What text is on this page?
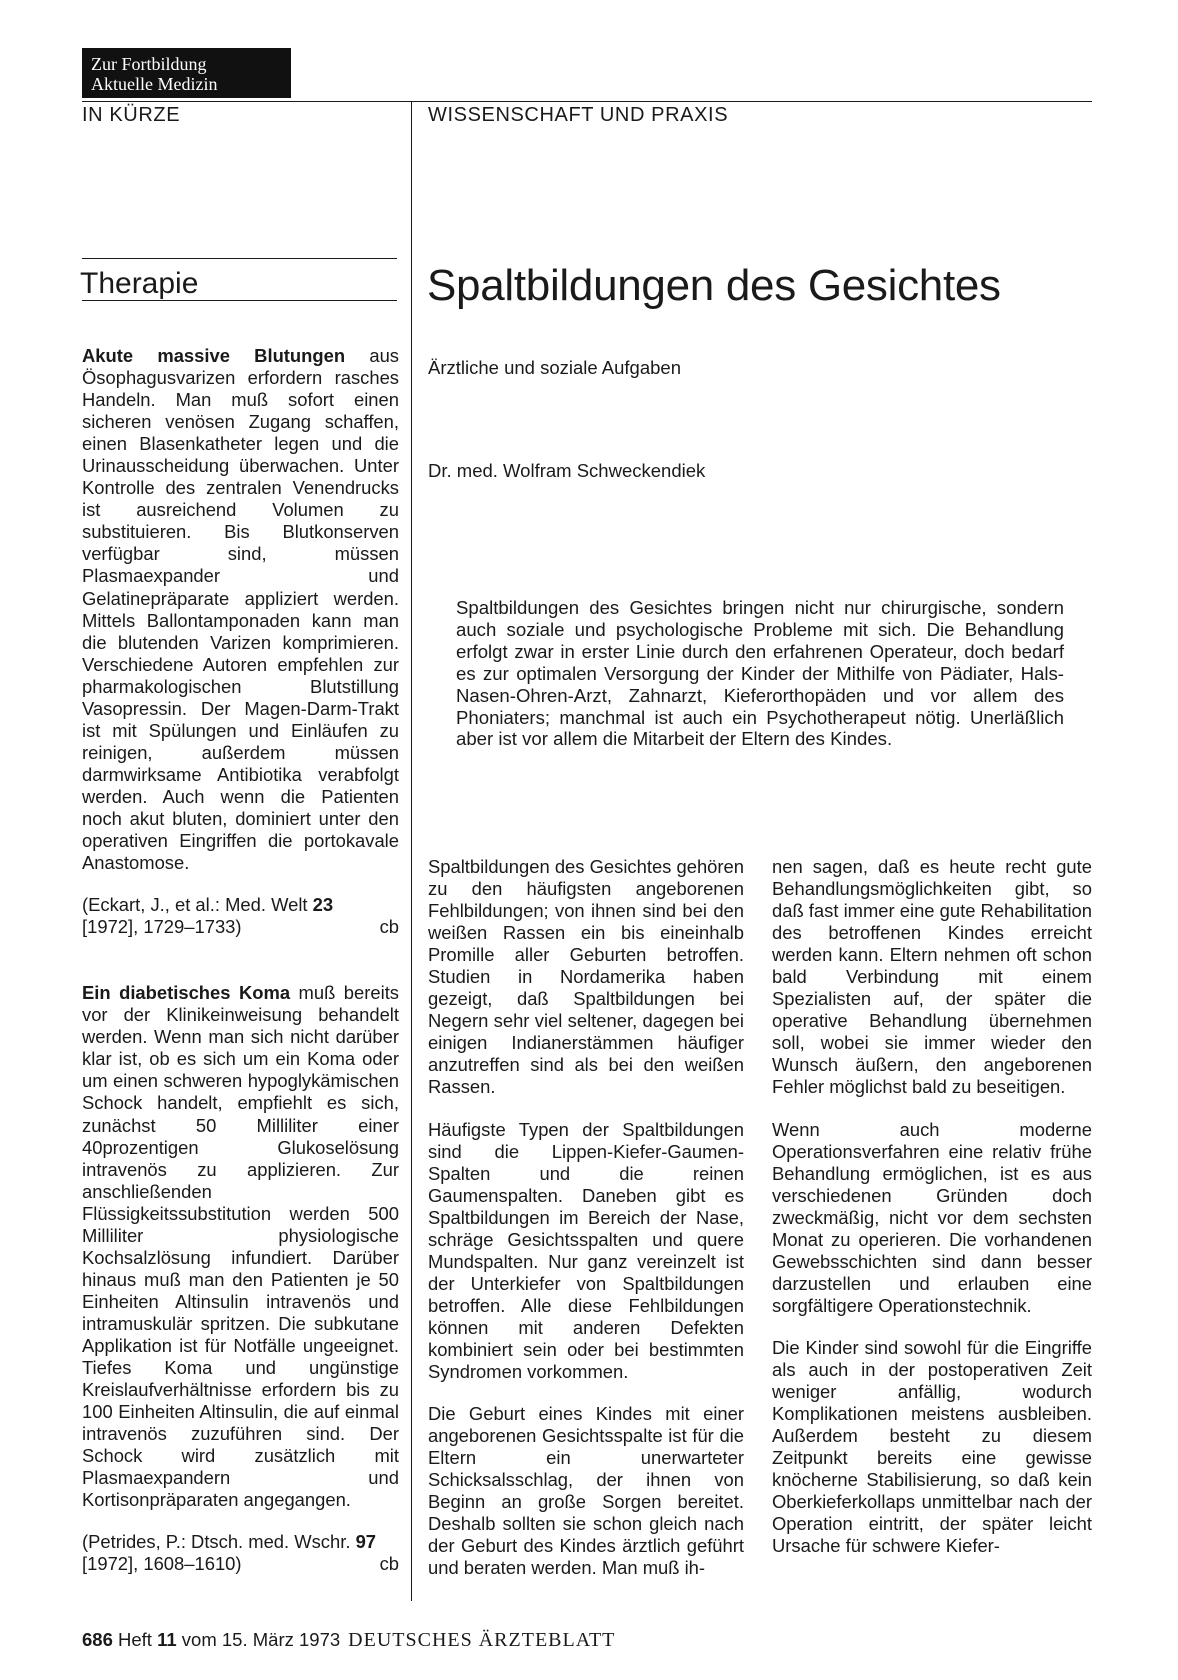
Zur Fortbildung
Aktuelle Medizin
IN KÜRZE	WISSENSCHAFT UND PRAXIS
Therapie	Spaltbildungen des Gesichtes
Ärztliche und soziale Aufgaben
Dr. med. Wolfram Schweckendiek
Spaltbildungen des Gesichtes bringen nicht nur chirurgische, sondern auch soziale und psychologische Probleme mit sich. Die Behandlung erfolgt zwar in erster Linie durch den erfahrenen Operateur, doch bedarf es zur optimalen Versorgung der Kinder der Mithilfe von Pädiater, Hals-Nasen-Ohren-Arzt, Zahnarzt, Kieferorthopäden und vor allem des Phoniaters; manchmal ist auch ein Psychotherapeut nötig. Unerläßlich aber ist vor allem die Mitarbeit der Eltern des Kindes.

Akute massive Blutungen aus Ösophagusvarizen erfordern rasches Handeln. Man muß sofort einen sicheren venösen Zugang schaffen, einen Blasenkatheter legen und die Urinausscheidung überwachen. Unter Kontrolle des zentralen Venendrucks ist ausreichend Volumen zu substituieren. Bis Blutkonserven verfügbar sind, müssen Plasmaexpander und Gelatinepräparate appliziert werden. Mittels Ballontamponaden kann man die blutenden Varizen komprimieren. Verschiedene Autoren empfehlen zur pharmakologischen Blutstillung Vasopressin. Der Magen-Darm-Trakt ist mit Spülungen und Einläufen zu reinigen, außerdem müssen darmwirksame Antibiotika verabfolgt werden. Auch wenn die Patienten noch akut bluten, dominiert unter den operativen Eingriffen die portokavale Anastomose.

(Eckart, J., et al.: Med. Welt 23
[1972], 1729–1733)	cb

Ein diabetisches Koma muß bereits vor der Klinikeinweisung behandelt werden. Wenn man sich nicht darüber klar ist, ob es sich um ein Koma oder um einen schweren hypoglykämischen Schock handelt, empfiehlt es sich, zunächst 50 Milliliter einer 40prozentigen Glukoselösung intravenös zu applizieren. Zur anschließenden Flüssigkeitssubstitution werden 500 Milliliter physiologische Kochsalzlösung infundiert. Darüber hinaus muß man den Patienten je 50 Einheiten Altinsulin intravenös und intramuskulär spritzen. Die subkutane Applikation ist für Notfälle ungeeignet. Tiefes Koma und ungünstige Kreislaufverhältnisse erfordern bis zu 100 Einheiten Altinsulin, die auf einmal intravenös zuzuführen sind. Der Schock wird zusätzlich mit Plasmaexpandern und Kortisonpräparaten angegangen.

(Petrides, P.: Dtsch. med. Wschr. 97
[1972], 1608–1610)	cb

Spaltbildungen des Gesichtes gehören zu den häufigsten angeborenen Fehlbildungen; von ihnen sind bei den weißen Rassen ein bis eineinhalb Promille aller Geburten betroffen. Studien in Nordamerika haben gezeigt, daß Spaltbildungen bei Negern sehr viel seltener, dagegen bei einigen Indianerstämmen häufiger anzutreffen sind als bei den weißen Rassen.

Häufigste Typen der Spaltbildungen sind die Lippen-Kiefer-Gaumen-Spalten und die reinen Gaumenspalten. Daneben gibt es Spaltbildungen im Bereich der Nase, schräge Gesichtsspalten und quere Mundspalten. Nur ganz vereinzelt ist der Unterkiefer von Spaltbildungen betroffen. Alle diese Fehlbildungen können mit anderen Defekten kombiniert sein oder bei bestimmten Syndromen vorkommen.

Die Geburt eines Kindes mit einer angeborenen Gesichtsspalte ist für die Eltern ein unerwarteter Schicksalsschlag, der ihnen von Beginn an große Sorgen bereitet. Deshalb sollten sie schon gleich nach der Geburt des Kindes ärztlich geführt und beraten werden. Man muß ih-

nen sagen, daß es heute recht gute Behandlungsmöglichkeiten gibt, so daß fast immer eine gute Rehabilitation des betroffenen Kindes erreicht werden kann. Eltern nehmen oft schon bald Verbindung mit einem Spezialisten auf, der später die operative Behandlung übernehmen soll, wobei sie immer wieder den Wunsch äußern, den angeborenen Fehler möglichst bald zu beseitigen.

Wenn auch moderne Operationsverfahren eine relativ frühe Behandlung ermöglichen, ist es aus verschiedenen Gründen doch zweckmäßig, nicht vor dem sechsten Monat zu operieren. Die vorhandenen Gewebsschichten sind dann besser darzustellen und erlauben eine sorgfältigere Operationstechnik.

Die Kinder sind sowohl für die Eingriffe als auch in der postoperativen Zeit weniger anfällig, wodurch Komplikationen meistens ausbleiben. Außerdem besteht zu diesem Zeitpunkt bereits eine gewisse knöcherne Stabilisierung, so daß kein Oberkieferkollaps unmittelbar nach der Operation eintritt, der später leicht Ursache für schwere Kiefer-

686 Heft 11 vom 15. März 1973 DEUTSCHES ÄRZTEBLATT
